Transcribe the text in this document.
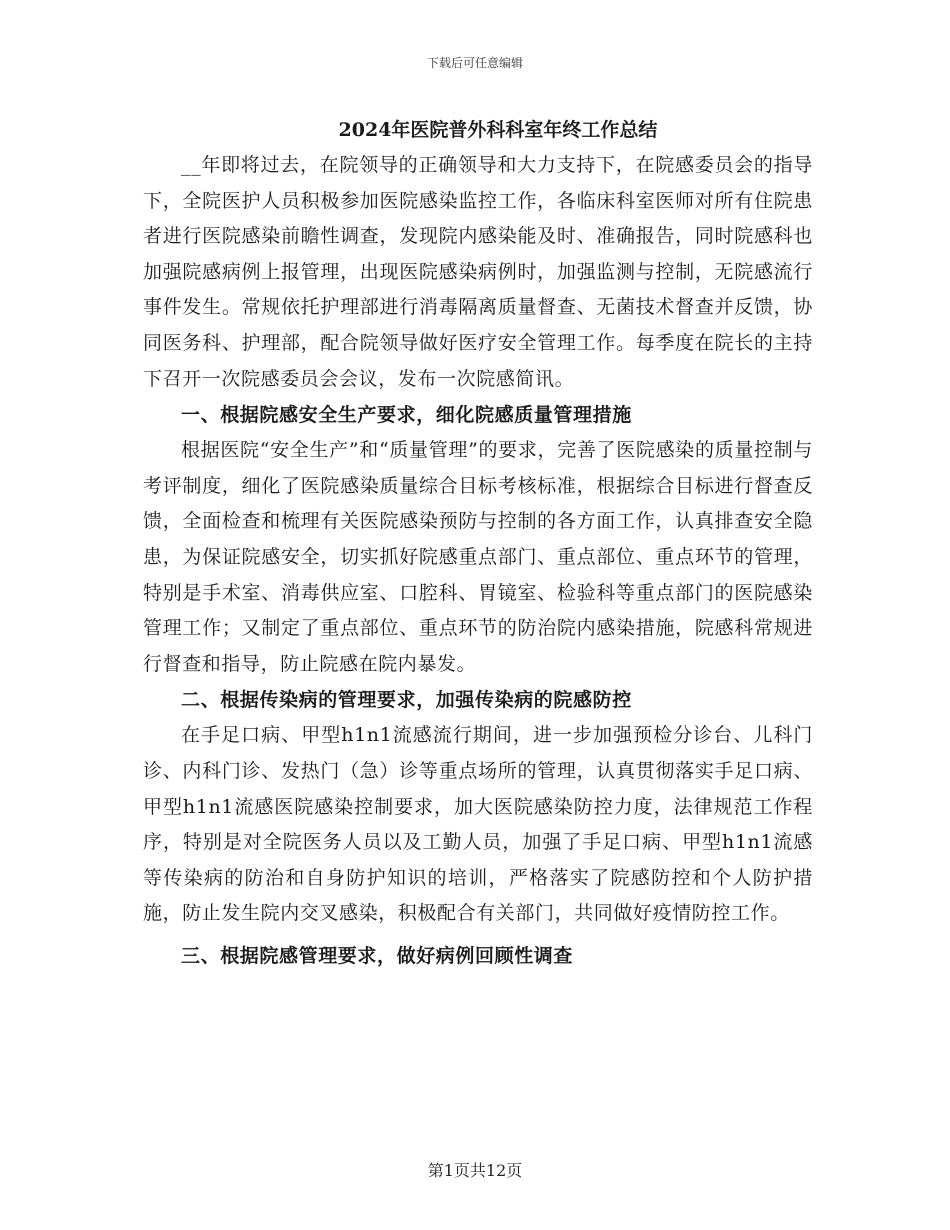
下载后可任意编辑
2024年医院普外科科室年终工作总结

__年即将过去，在院领导的正确领导和大力支持下，在院感委员会的指导下，全院医护人员积极参加医院感染监控工作，各临床科室医师对所有住院患者进行医院感染前瞻性调查，发现院内感染能及时、准确报告，同时院感科也加强院感病例上报管理，出现医院感染病例时，加强监测与控制，无院感流行事件发生。常规依托护理部进行消毒隔离质量督查、无菌技术督查并反馈，协同医务科、护理部，配合院领导做好医疗安全管理工作。每季度在院长的主持下召开一次院感委员会会议，发布一次院感简讯。

一、根据院感安全生产要求，细化院感质量管理措施

根据医院“安全生产”和“质量管理”的要求，完善了医院感染的质量控制与考评制度，细化了医院感染质量综合目标考核标准，根据综合目标进行督查反馈，全面检查和梳理有关医院感染预防与控制的各方面工作，认真排查安全隐患，为保证院感安全，切实抓好院感重点部门、重点部位、重点环节的管理，特别是手术室、消毒供应室、口腔科、胃镜室、检验科等重点部门的医院感染管理工作；又制定了重点部位、重点环节的防治院内感染措施，院感科常规进行督查和指导，防止院感在院内暴发。

二、根据传染病的管理要求，加强传染病的院感防控

在手足口病、甲型h1n1流感流行期间，进一步加强预检分诊台、儿科门诊、内科门诊、发热门（急）诊等重点场所的管理，认真贯彻落实手足口病、甲型h1n1流感医院感染控制要求，加大医院感染防控力度，法律规范工作程序，特别是对全院医务人员以及工勤人员，加强了手足口病、甲型h1n1流感等传染病的防治和自身防护知识的培训，严格落实了院感防控和个人防护措施，防止发生院内交叉感染，积极配合有关部门，共同做好疫情防控工作。

三、根据院感管理要求，做好病例回顾性调查

第1页共12页
